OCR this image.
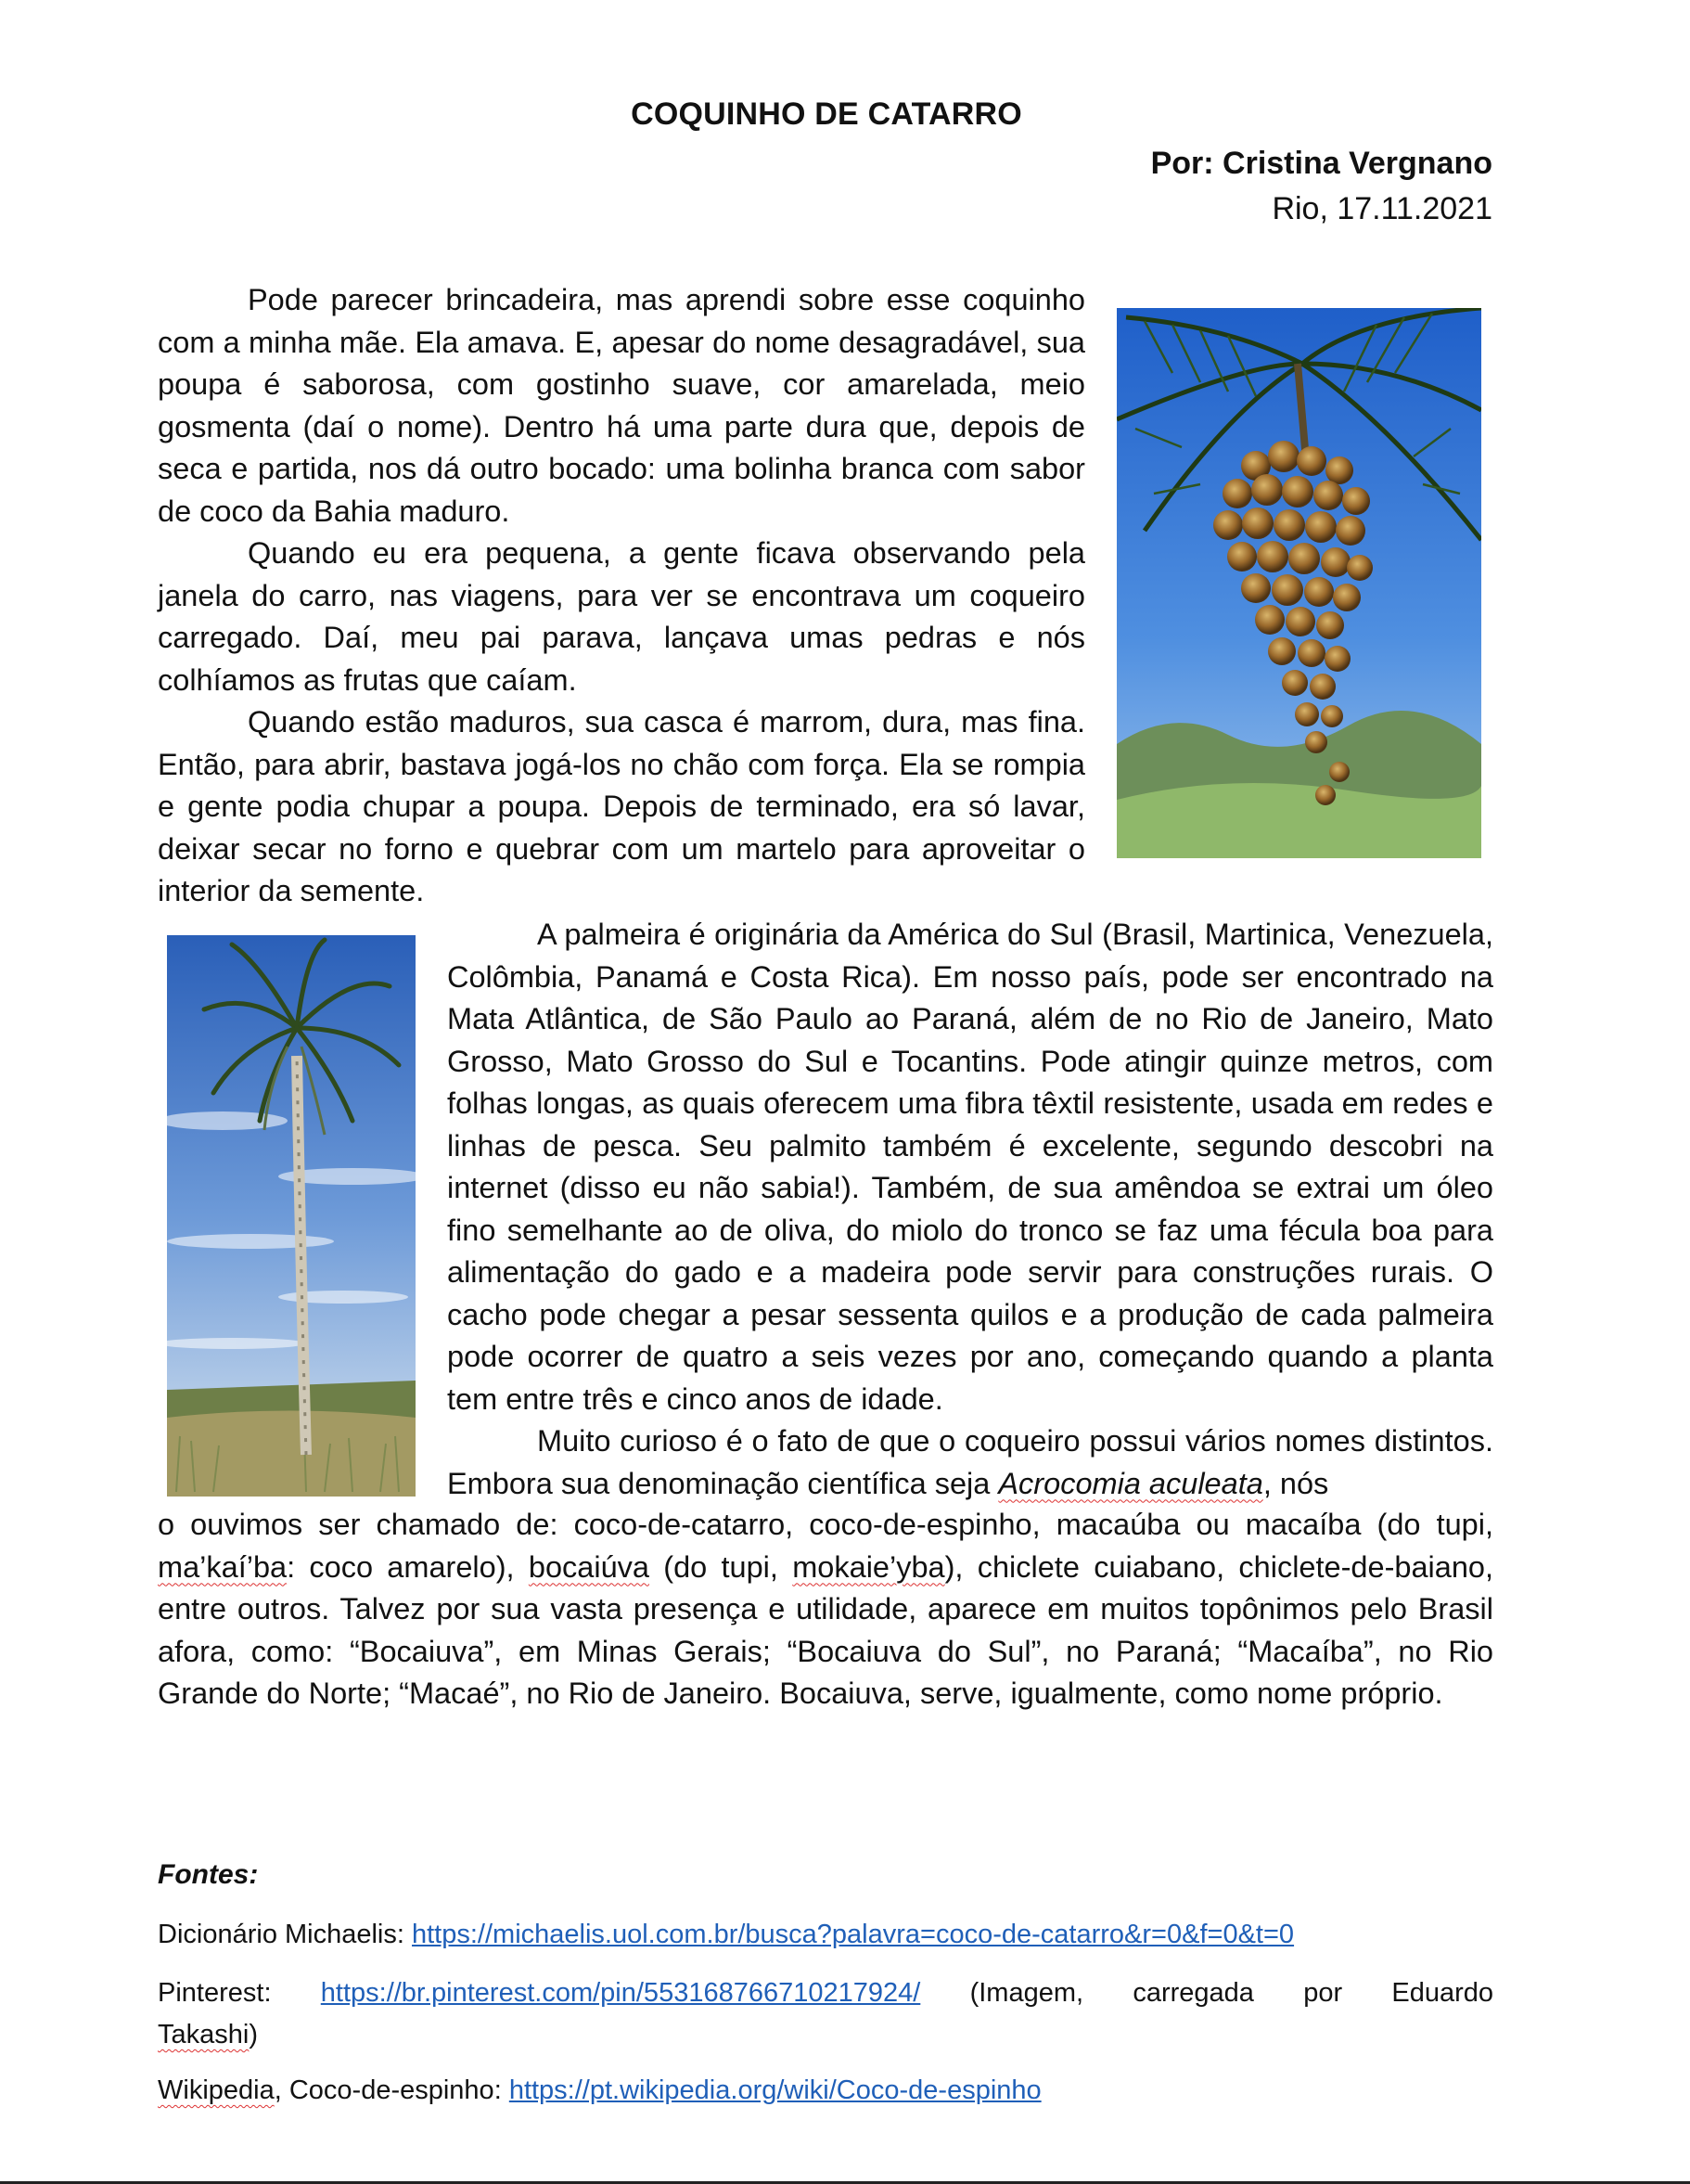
COQUINHO DE CATARRO
Por: Cristina Vergnano
Rio, 17.11.2021

Pode parecer brincadeira, mas aprendi sobre esse coquinho com a minha mãe. Ela amava. E, apesar do nome desagradável, sua poupa é saborosa, com gostinho suave, cor amarelada, meio gosmenta (daí o nome). Dentro há uma parte dura que, depois de seca e partida, nos dá outro bocado: uma bolinha branca com sabor de coco da Bahia maduro.

Quando eu era pequena, a gente ficava observando pela janela do carro, nas viagens, para ver se encontrava um coqueiro carregado. Daí, meu pai parava, lançava umas pedras e nós colhíamos as frutas que caíam.

Quando estão maduros, sua casca é marrom, dura, mas fina. Então, para abrir, bastava jogá-los no chão com força. Ela se rompia e gente podia chupar a poupa. Depois de terminado, era só lavar, deixar secar no forno e quebrar com um martelo para aproveitar o interior da semente.

A palmeira é originária da América do Sul (Brasil, Martinica, Venezuela, Colômbia, Panamá e Costa Rica). Em nosso país, pode ser encontrado na Mata Atlântica, de São Paulo ao Paraná, além de no Rio de Janeiro, Mato Grosso, Mato Grosso do Sul e Tocantins. Pode atingir quinze metros, com folhas longas, as quais oferecem uma fibra têxtil resistente, usada em redes e linhas de pesca. Seu palmito também é excelente, segundo descobri na internet (disso eu não sabia!). Também, de sua amêndoa se extrai um óleo fino semelhante ao de oliva, do miolo do tronco se faz uma fécula boa para alimentação do gado e a madeira pode servir para construções rurais. O cacho pode chegar a pesar sessenta quilos e a produção de cada palmeira pode ocorrer de quatro a seis vezes por ano, começando quando a planta tem entre três e cinco anos de idade.

Muito curioso é o fato de que o coqueiro possui vários nomes distintos. Embora sua denominação científica seja Acrocomia aculeata, nós

o ouvimos ser chamado de: coco-de-catarro, coco-de-espinho, macaúba ou macaíba (do tupi, ma’kaí’ba: coco amarelo), bocaiúva (do tupi, mokaie’yba), chiclete cuiabano, chiclete-de-baiano, entre outros. Talvez por sua vasta presença e utilidade, aparece em muitos topônimos pelo Brasil afora, como: “Bocaiuva”, em Minas Gerais; “Bocaiuva do Sul”, no Paraná; “Macaíba”, no Rio Grande do Norte; “Macaé”, no Rio de Janeiro. Bocaiuva, serve, igualmente, como nome próprio.

Fontes:
Dicionário Michaelis: https://michaelis.uol.com.br/busca?palavra=coco-de-catarro&r=0&f=0&t=0
Pinterest: https://br.pinterest.com/pin/553168766710217924/ (Imagem, carregada por Eduardo
Takashi)
Wikipedia, Coco-de-espinho: https://pt.wikipedia.org/wiki/Coco-de-espinho
